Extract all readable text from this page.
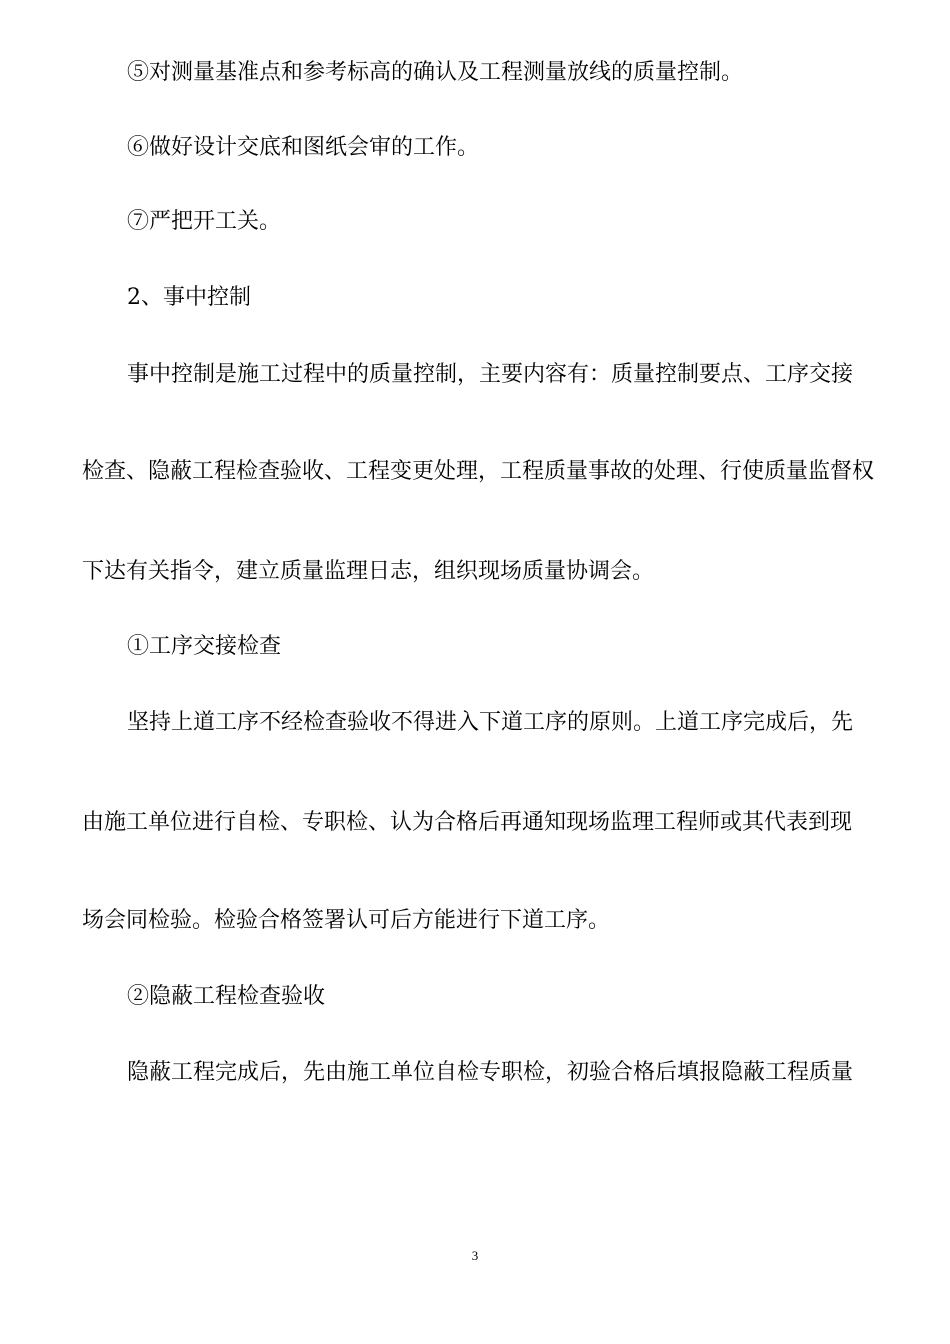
⑤对测量基准点和参考标高的确认及工程测量放线的质量控制。

⑥做好设计交底和图纸会审的工作。

⑦严把开工关。

2、事中控制

事中控制是施工过程中的质量控制，主要内容有：质量控制要点、工序交接

检查、隐蔽工程检查验收、工程变更处理，工程质量事故的处理、行使质量监督权

下达有关指令，建立质量监理日志，组织现场质量协调会。

①工序交接检查

坚持上道工序不经检查验收不得进入下道工序的原则。上道工序完成后，先

由施工单位进行自检、专职检、认为合格后再通知现场监理工程师或其代表到现

场会同检验。检验合格签署认可后方能进行下道工序。

②隐蔽工程检查验收

隐蔽工程完成后，先由施工单位自检专职检，初验合格后填报隐蔽工程质量

3
